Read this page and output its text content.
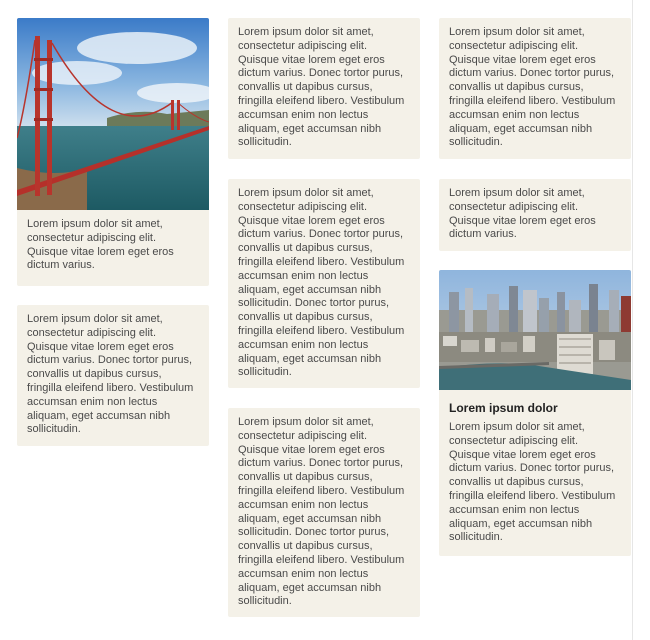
Lorem ipsum dolor sit amet, consectetur adipiscing elit. Quisque vitae lorem eget eros dictum varius.
Lorem ipsum dolor sit amet, consectetur adipiscing elit. Quisque vitae lorem eget eros dictum varius. Donec tortor purus, convallis ut dapibus cursus, fringilla eleifend libero. Vestibulum accumsan enim non lectus aliquam, eget accumsan nibh sollicitudin.
Lorem ipsum dolor sit amet, consectetur adipiscing elit. Quisque vitae lorem eget eros dictum varius. Donec tortor purus, convallis ut dapibus cursus, fringilla eleifend libero. Vestibulum accumsan enim non lectus aliquam, eget accumsan nibh sollicitudin.
Lorem ipsum dolor sit amet, consectetur adipiscing elit. Quisque vitae lorem eget eros dictum varius. Donec tortor purus, convallis ut dapibus cursus, fringilla eleifend libero. Vestibulum accumsan enim non lectus aliquam, eget accumsan nibh sollicitudin. Donec tortor purus, convallis ut dapibus cursus, fringilla eleifend libero. Vestibulum accumsan enim non lectus aliquam, eget accumsan nibh sollicitudin.
Lorem ipsum dolor sit amet, consectetur adipiscing elit. Quisque vitae lorem eget eros dictum varius. Donec tortor purus, convallis ut dapibus cursus, fringilla eleifend libero. Vestibulum accumsan enim non lectus aliquam, eget accumsan nibh sollicitudin. Donec tortor purus, convallis ut dapibus cursus, fringilla eleifend libero. Vestibulum accumsan enim non lectus aliquam, eget accumsan nibh sollicitudin.
Lorem ipsum dolor sit amet, consectetur adipiscing elit. Quisque vitae lorem eget eros dictum varius. Donec tortor purus, convallis ut dapibus cursus, fringilla eleifend libero. Vestibulum accumsan enim non lectus aliquam, eget accumsan nibh sollicitudin.
Lorem ipsum dolor sit amet, consectetur adipiscing elit. Quisque vitae lorem eget eros dictum varius.
Lorem ipsum dolor
Lorem ipsum dolor sit amet, consectetur adipiscing elit. Quisque vitae lorem eget eros dictum varius. Donec tortor purus, convallis ut dapibus cursus, fringilla eleifend libero. Vestibulum accumsan enim non lectus aliquam, eget accumsan nibh sollicitudin.
